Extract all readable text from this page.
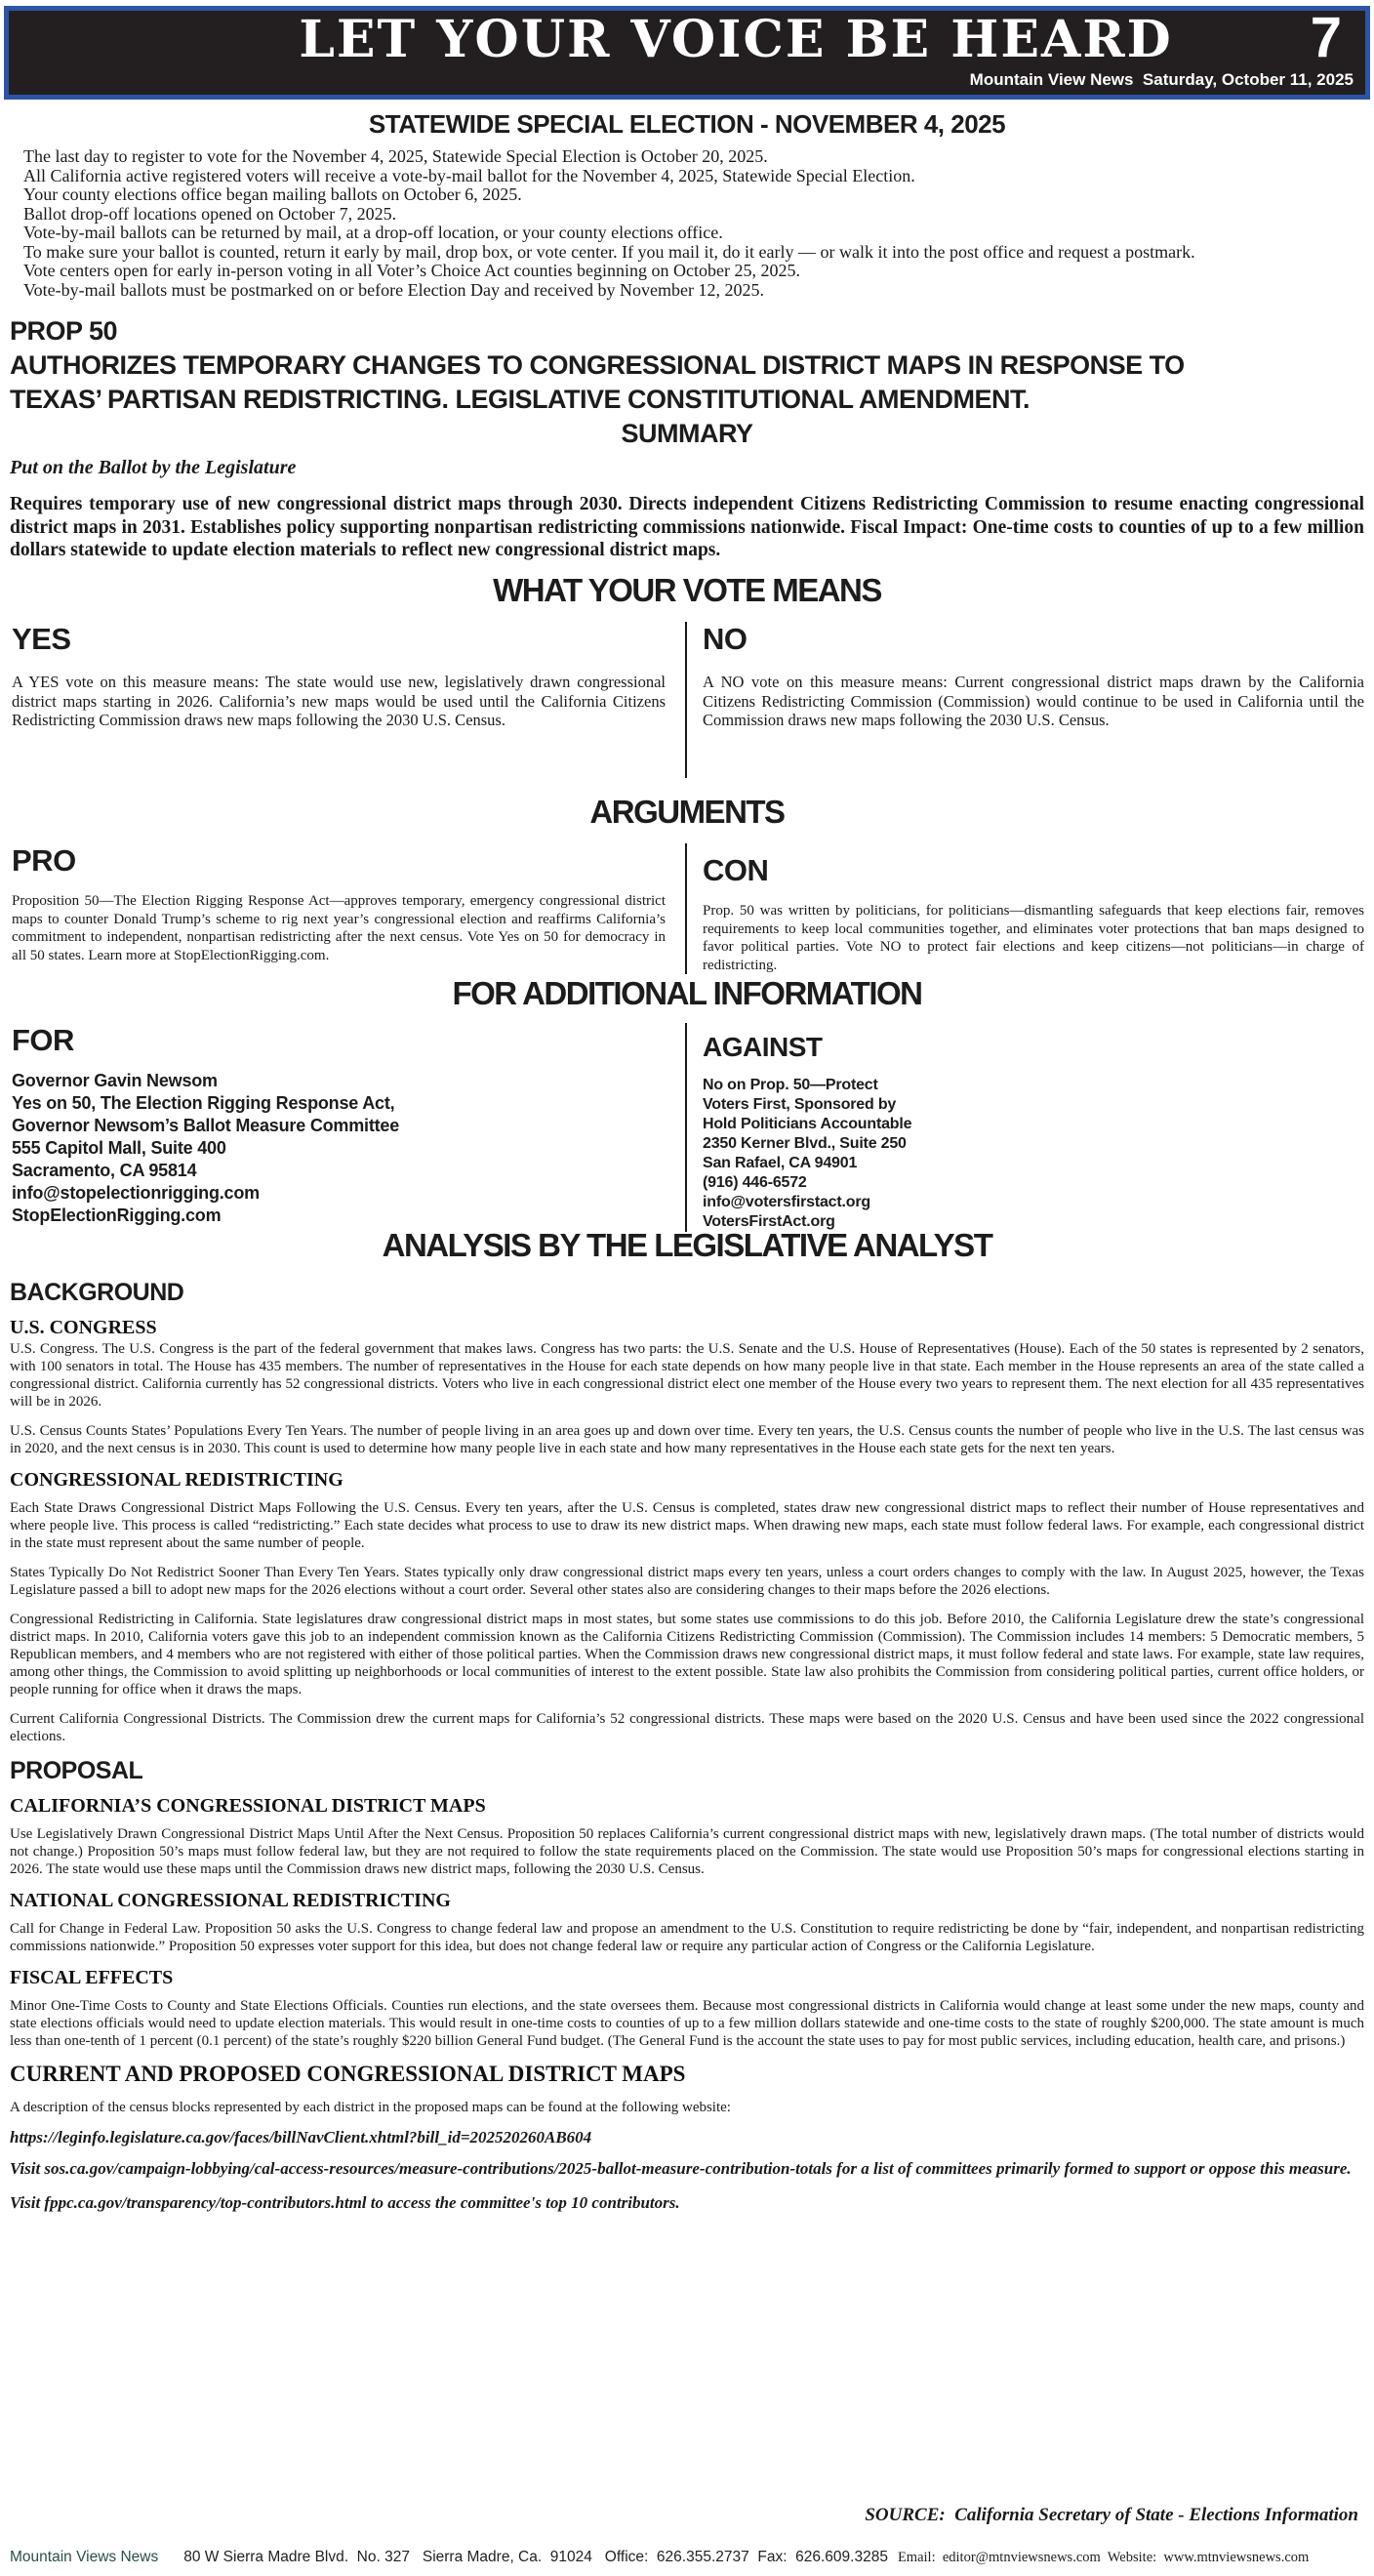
LET YOUR VOICE BE HEARD	7
Mountain View News  Saturday, October 11, 2025
STATEWIDE SPECIAL ELECTION - NOVEMBER 4, 2025
The last day to register to vote for the November 4, 2025, Statewide Special Election is October 20, 2025.
All California active registered voters will receive a vote-by-mail ballot for the November 4, 2025, Statewide Special Election.
Your county elections office began mailing ballots on October 6, 2025.
Ballot drop-off locations opened on October 7, 2025.
Vote-by-mail ballots can be returned by mail, at a drop-off location, or your county elections office.
To make sure your ballot is counted, return it early by mail, drop box, or vote center. If you mail it, do it early — or walk it into the post office and request a postmark.
Vote centers open for early in-person voting in all Voter’s Choice Act counties beginning on October 25, 2025.
Vote-by-mail ballots must be postmarked on or before Election Day and received by November 12, 2025.
PROP 50
AUTHORIZES TEMPORARY CHANGES TO CONGRESSIONAL DISTRICT MAPS IN RESPONSE TO TEXAS’ PARTISAN REDISTRICTING. LEGISLATIVE CONSTITUTIONAL AMENDMENT.
SUMMARY
Put on the Ballot by the Legislature
Requires temporary use of new congressional district maps through 2030. Directs independent Citizens Redistricting Commission to resume enacting congressional district maps in 2031. Establishes policy supporting nonpartisan redistricting commissions nationwide. Fiscal Impact: One-time costs to counties of up to a few million dollars statewide to update election materials to reflect new congressional district maps.
WHAT YOUR VOTE MEANS
YES
A YES vote on this measure means: The state would use new, legislatively drawn congressional district maps starting in 2026. California’s new maps would be used until the California Citizens Redistricting Commission draws new maps following the 2030 U.S. Census.
NO
A NO vote on this measure means: Current congressional district maps drawn by the California Citizens Redistricting Commission (Commission) would continue to be used in California until the Commission draws new maps following the 2030 U.S. Census.
ARGUMENTS
PRO
Proposition 50—The Election Rigging Response Act—approves temporary, emergency congressional district maps to counter Donald Trump’s scheme to rig next year’s congressional election and reaffirms California’s commitment to independent, nonpartisan redistricting after the next census. Vote Yes on 50 for democracy in all 50 states. Learn more at StopElectionRigging.com.
CON
Prop. 50 was written by politicians, for politicians—dismantling safeguards that keep elections fair, removes requirements to keep local communities together, and eliminates voter protections that ban maps designed to favor political parties. Vote NO to protect fair elections and keep citizens—not politicians—in charge of redistricting.
FOR ADDITIONAL INFORMATION
FOR
Governor Gavin Newsom
Yes on 50, The Election Rigging Response Act,
Governor Newsom’s Ballot Measure Committee
555 Capitol Mall, Suite 400
Sacramento, CA 95814
info@stopelectionrigging.com
StopElectionRigging.com
AGAINST
No on Prop. 50—Protect
Voters First, Sponsored by
Hold Politicians Accountable
2350 Kerner Blvd., Suite 250
San Rafael, CA 94901
(916) 446-6572
info@votersfirstact.org
VotersFirstAct.org
ANALYSIS BY THE LEGISLATIVE ANALYST
BACKGROUND
U.S. CONGRESS
U.S. Congress. The U.S. Congress is the part of the federal government that makes laws. Congress has two parts: the U.S. Senate and the U.S. House of Representatives (House). Each of the 50 states is represented by 2 senators, with 100 senators in total. The House has 435 members. The number of representatives in the House for each state depends on how many people live in that state. Each member in the House represents an area of the state called a congressional district. California currently has 52 congressional districts. Voters who live in each congressional district elect one member of the House every two years to represent them. The next election for all 435 representatives will be in 2026.
U.S. Census Counts States’ Populations Every Ten Years. The number of people living in an area goes up and down over time. Every ten years, the U.S. Census counts the number of people who live in the U.S. The last census was in 2020, and the next census is in 2030. This count is used to determine how many people live in each state and how many representatives in the House each state gets for the next ten years.
CONGRESSIONAL REDISTRICTING
Each State Draws Congressional District Maps Following the U.S. Census. Every ten years, after the U.S. Census is completed, states draw new congressional district maps to reflect their number of House representatives and where people live. This process is called “redistricting.” Each state decides what process to use to draw its new district maps. When drawing new maps, each state must follow federal laws. For example, each congressional district in the state must represent about the same number of people.
States Typically Do Not Redistrict Sooner Than Every Ten Years. States typically only draw congressional district maps every ten years, unless a court orders changes to comply with the law. In August 2025, however, the Texas Legislature passed a bill to adopt new maps for the 2026 elections without a court order. Several other states also are considering changes to their maps before the 2026 elections.
Congressional Redistricting in California. State legislatures draw congressional district maps in most states, but some states use commissions to do this job. Before 2010, the California Legislature drew the state’s congressional district maps. In 2010, California voters gave this job to an independent commission known as the California Citizens Redistricting Commission (Commission). The Commission includes 14 members: 5 Democratic members, 5 Republican members, and 4 members who are not registered with either of those political parties. When the Commission draws new congressional district maps, it must follow federal and state laws. For example, state law requires, among other things, the Commission to avoid splitting up neighborhoods or local communities of interest to the extent possible. State law also prohibits the Commission from considering political parties, current office holders, or people running for office when it draws the maps.
Current California Congressional Districts. The Commission drew the current maps for California’s 52 congressional districts. These maps were based on the 2020 U.S. Census and have been used since the 2022 congressional elections.
PROPOSAL
CALIFORNIA’S CONGRESSIONAL DISTRICT MAPS
Use Legislatively Drawn Congressional District Maps Until After the Next Census. Proposition 50 replaces California’s current congressional district maps with new, legislatively drawn maps. (The total number of districts would not change.) Proposition 50’s maps must follow federal law, but they are not required to follow the state requirements placed on the Commission. The state would use Proposition 50’s maps for congressional elections starting in 2026. The state would use these maps until the Commission draws new district maps, following the 2030 U.S. Census.
NATIONAL CONGRESSIONAL REDISTRICTING
Call for Change in Federal Law. Proposition 50 asks the U.S. Congress to change federal law and propose an amendment to the U.S. Constitution to require redistricting be done by “fair, independent, and nonpartisan redistricting commissions nationwide.” Proposition 50 expresses voter support for this idea, but does not change federal law or require any particular action of Congress or the California Legislature.
FISCAL EFFECTS
Minor One-Time Costs to County and State Elections Officials. Counties run elections, and the state oversees them. Because most congressional districts in California would change at least some under the new maps, county and state elections officials would need to update election materials. This would result in one-time costs to counties of up to a few million dollars statewide and one-time costs to the state of roughly $200,000. The state amount is much less than one-tenth of 1 percent (0.1 percent) of the state’s roughly $220 billion General Fund budget. (The General Fund is the account the state uses to pay for most public services, including education, health care, and prisons.)
CURRENT AND PROPOSED CONGRESSIONAL DISTRICT MAPS
A description of the census blocks represented by each district in the proposed maps can be found at the following website:
https://leginfo.legislature.ca.gov/faces/billNavClient.xhtml?bill_id=202520260AB604
Visit sos.ca.gov/campaign-lobbying/cal-access-resources/measure-contributions/2025-ballot-measure-contribution-totals for a list of committees primarily formed to support or oppose this measure.
Visit fppc.ca.gov/transparency/top-contributors.html to access the committee's top 10 contributors.
SOURCE:  California Secretary of State - Elections Information
Mountain Views News 80 W Sierra Madre Blvd.  No. 327   Sierra Madre, Ca.  91024   Office:  626.355.2737  Fax:  626.609.3285 Email:  editor@mtnviewsnews.com  Website:  www.mtnviewsnews.com
